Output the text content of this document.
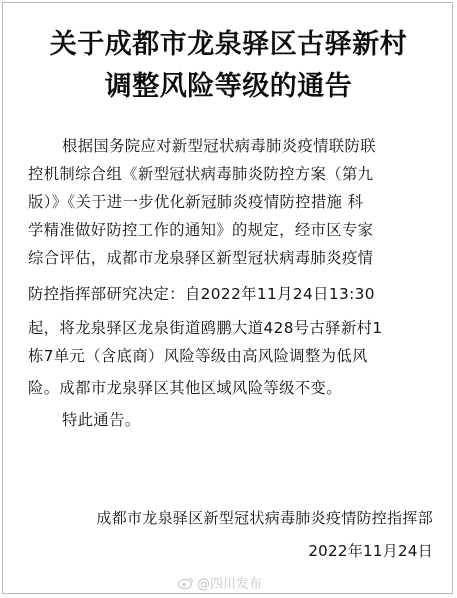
关于成都市龙泉驿区古驿新村
调整风险等级的通告
根据国务院应对新型冠状病毒肺炎疫情联防联
控机制综合组《新型冠状病毒肺炎防控方案（第九
版）》《关于进一步优化新冠肺炎疫情防控措施 科
学精准做好防控工作的通知》的规定，经市区专家
综合评估，成都市龙泉驿区新型冠状病毒肺炎疫情
防控指挥部研究决定：自2022年11月24日13:30
起，将龙泉驿区龙泉街道鸥鹏大道428号古驿新村1
栋7单元（含底商）风险等级由高风险调整为低风
险。成都市龙泉驿区其他区域风险等级不变。
特此通告。
成都市龙泉驿区新型冠状病毒肺炎疫情防控指挥部
2022年11月24日
@四川发布
